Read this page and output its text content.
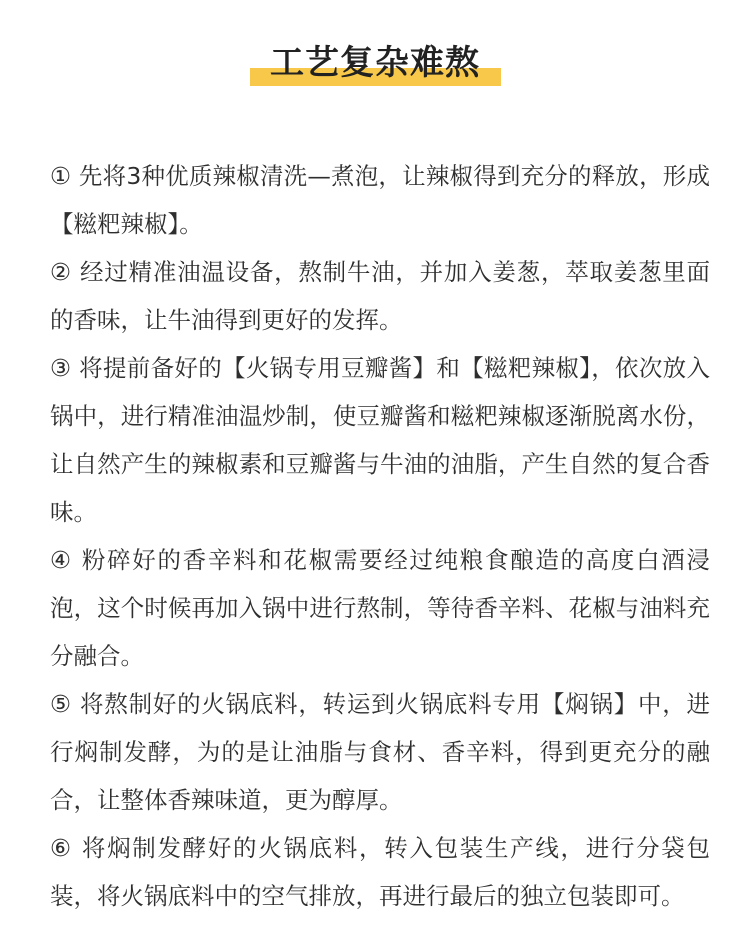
工艺复杂难熬

① 先将3种优质辣椒清洗—煮泡，让辣椒得到充分的释放，形成【糍粑辣椒】。

② 经过精准油温设备，熬制牛油，并加入姜葱，萃取姜葱里面的香味，让牛油得到更好的发挥。

③ 将提前备好的【火锅专用豆瓣酱】和【糍粑辣椒】，依次放入锅中，进行精准油温炒制，使豆瓣酱和糍粑辣椒逐渐脱离水份，让自然产生的辣椒素和豆瓣酱与牛油的油脂，产生自然的复合香味。

④ 粉碎好的香辛料和花椒需要经过纯粮食酿造的高度白酒浸泡，这个时候再加入锅中进行熬制，等待香辛料、花椒与油料充分融合。

⑤ 将熬制好的火锅底料，转运到火锅底料专用【焖锅】中，进行焖制发酵，为的是让油脂与食材、香辛料，得到更充分的融合，让整体香辣味道，更为醇厚。

⑥ 将焖制发酵好的火锅底料，转入包装生产线，进行分袋包装，将火锅底料中的空气排放，再进行最后的独立包装即可。
